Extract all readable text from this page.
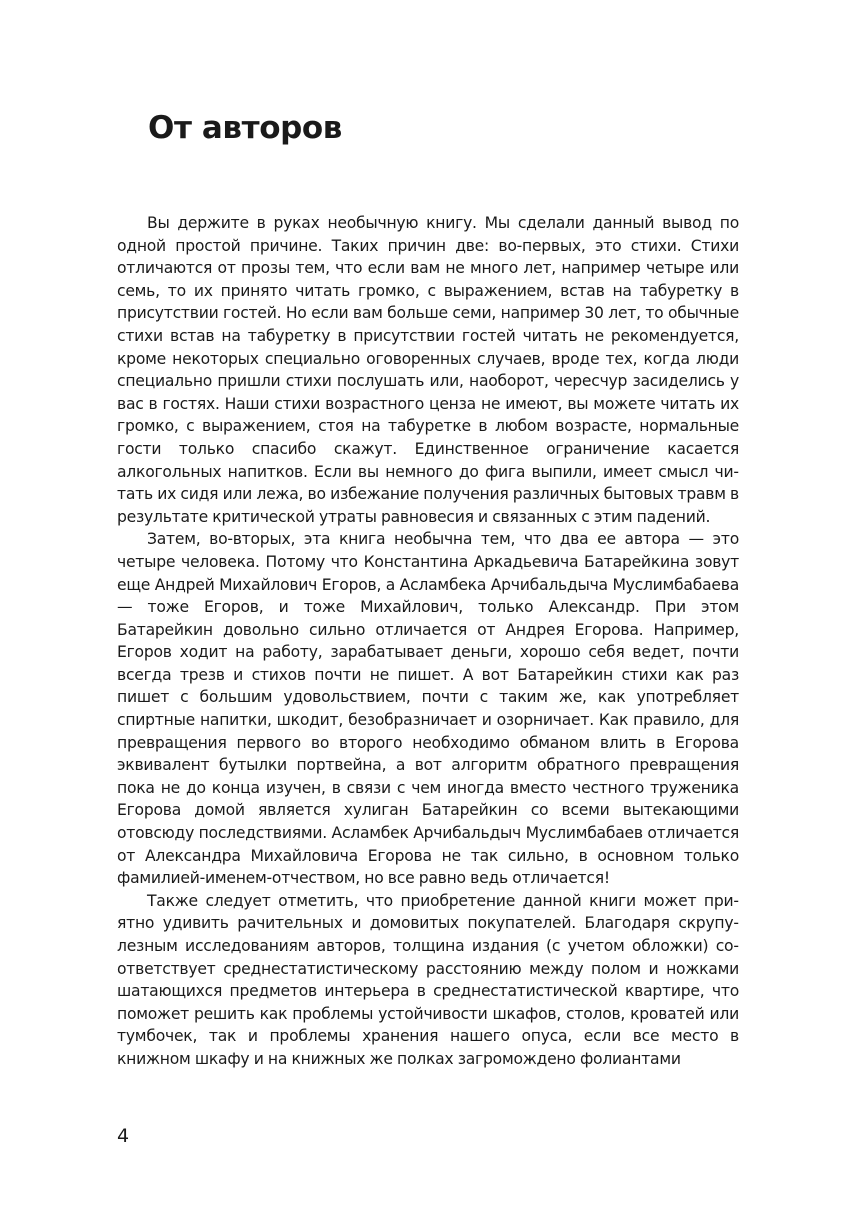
От авторов

Вы держите в руках необычную книгу. Мы сделали данный вывод по одной простой причине. Таких причин две: во-первых, это стихи. Стихи отличаются от прозы тем, что если вам не много лет, например четыре или семь, то их принято читать громко, с выражением, встав на табуретку в присутствии гостей. Но если вам больше семи, например 30 лет, то обычные стихи встав на табуретку в присутствии гостей читать не рекомендуется, кроме некоторых специально оговоренных случаев, вроде тех, когда люди специально пришли стихи послушать или, наоборот, чересчур засиделись у вас в гостях. Наши стихи возрастного ценза не имеют, вы можете читать их громко, с выражением, стоя на табуретке в любом возрасте, нормальные гости только спасибо скажут. Единственное ограничение касается алкогольных напитков. Если вы немного до фига выпили, имеет смысл читать их сидя или лежа, во избежание получения различных бытовых травм в результате критической утраты равновесия и связанных с этим падений.

Затем, во-вторых, эта книга необычна тем, что два ее автора — это четыре человека. Потому что Константина Аркадьевича Батарейкина зовут еще Андрей Михайлович Егоров, а Асламбека Арчибальдыча Муслимбабаева — тоже Егоров, и тоже Михайлович, только Александр. При этом Батарейкин довольно сильно отличается от Андрея Егорова. Например, Егоров ходит на работу, зарабатывает деньги, хорошо себя ведет, почти всегда трезв и стихов почти не пишет. А вот Батарейкин стихи как раз пишет с большим удовольствием, почти с таким же, как употребляет спиртные напитки, шкодит, безобразничает и озорничает. Как правило, для превращения первого во второго необходимо обманом влить в Егорова эквивалент бутылки портвейна, а вот алгоритм обратного превращения пока не до конца изучен, в связи с чем иногда вместо честного труженика Егорова домой является хулиган Батарейкин со всеми вытекающими отовсюду последствиями. Асламбек Арчибальдыч Муслимбабаев отличается от Александра Михайловича Егорова не так сильно, в основном только фамилией-именем-отчеством, но все равно ведь отличается!

Также следует отметить, что приобретение данной книги может приятно удивить рачительных и домовитых покупателей. Благодаря скрупулезным исследованиям авторов, толщина издания (с учетом обложки) соответствует среднестатистическому расстоянию между полом и ножками шатающихся предметов интерьера в среднестатистической квартире, что поможет решить как проблемы устойчивости шкафов, столов, кроватей или тумбочек, так и проблемы хранения нашего опуса, если все место в книжном шкафу и на книжных же полках загромождено фолиантами

4
